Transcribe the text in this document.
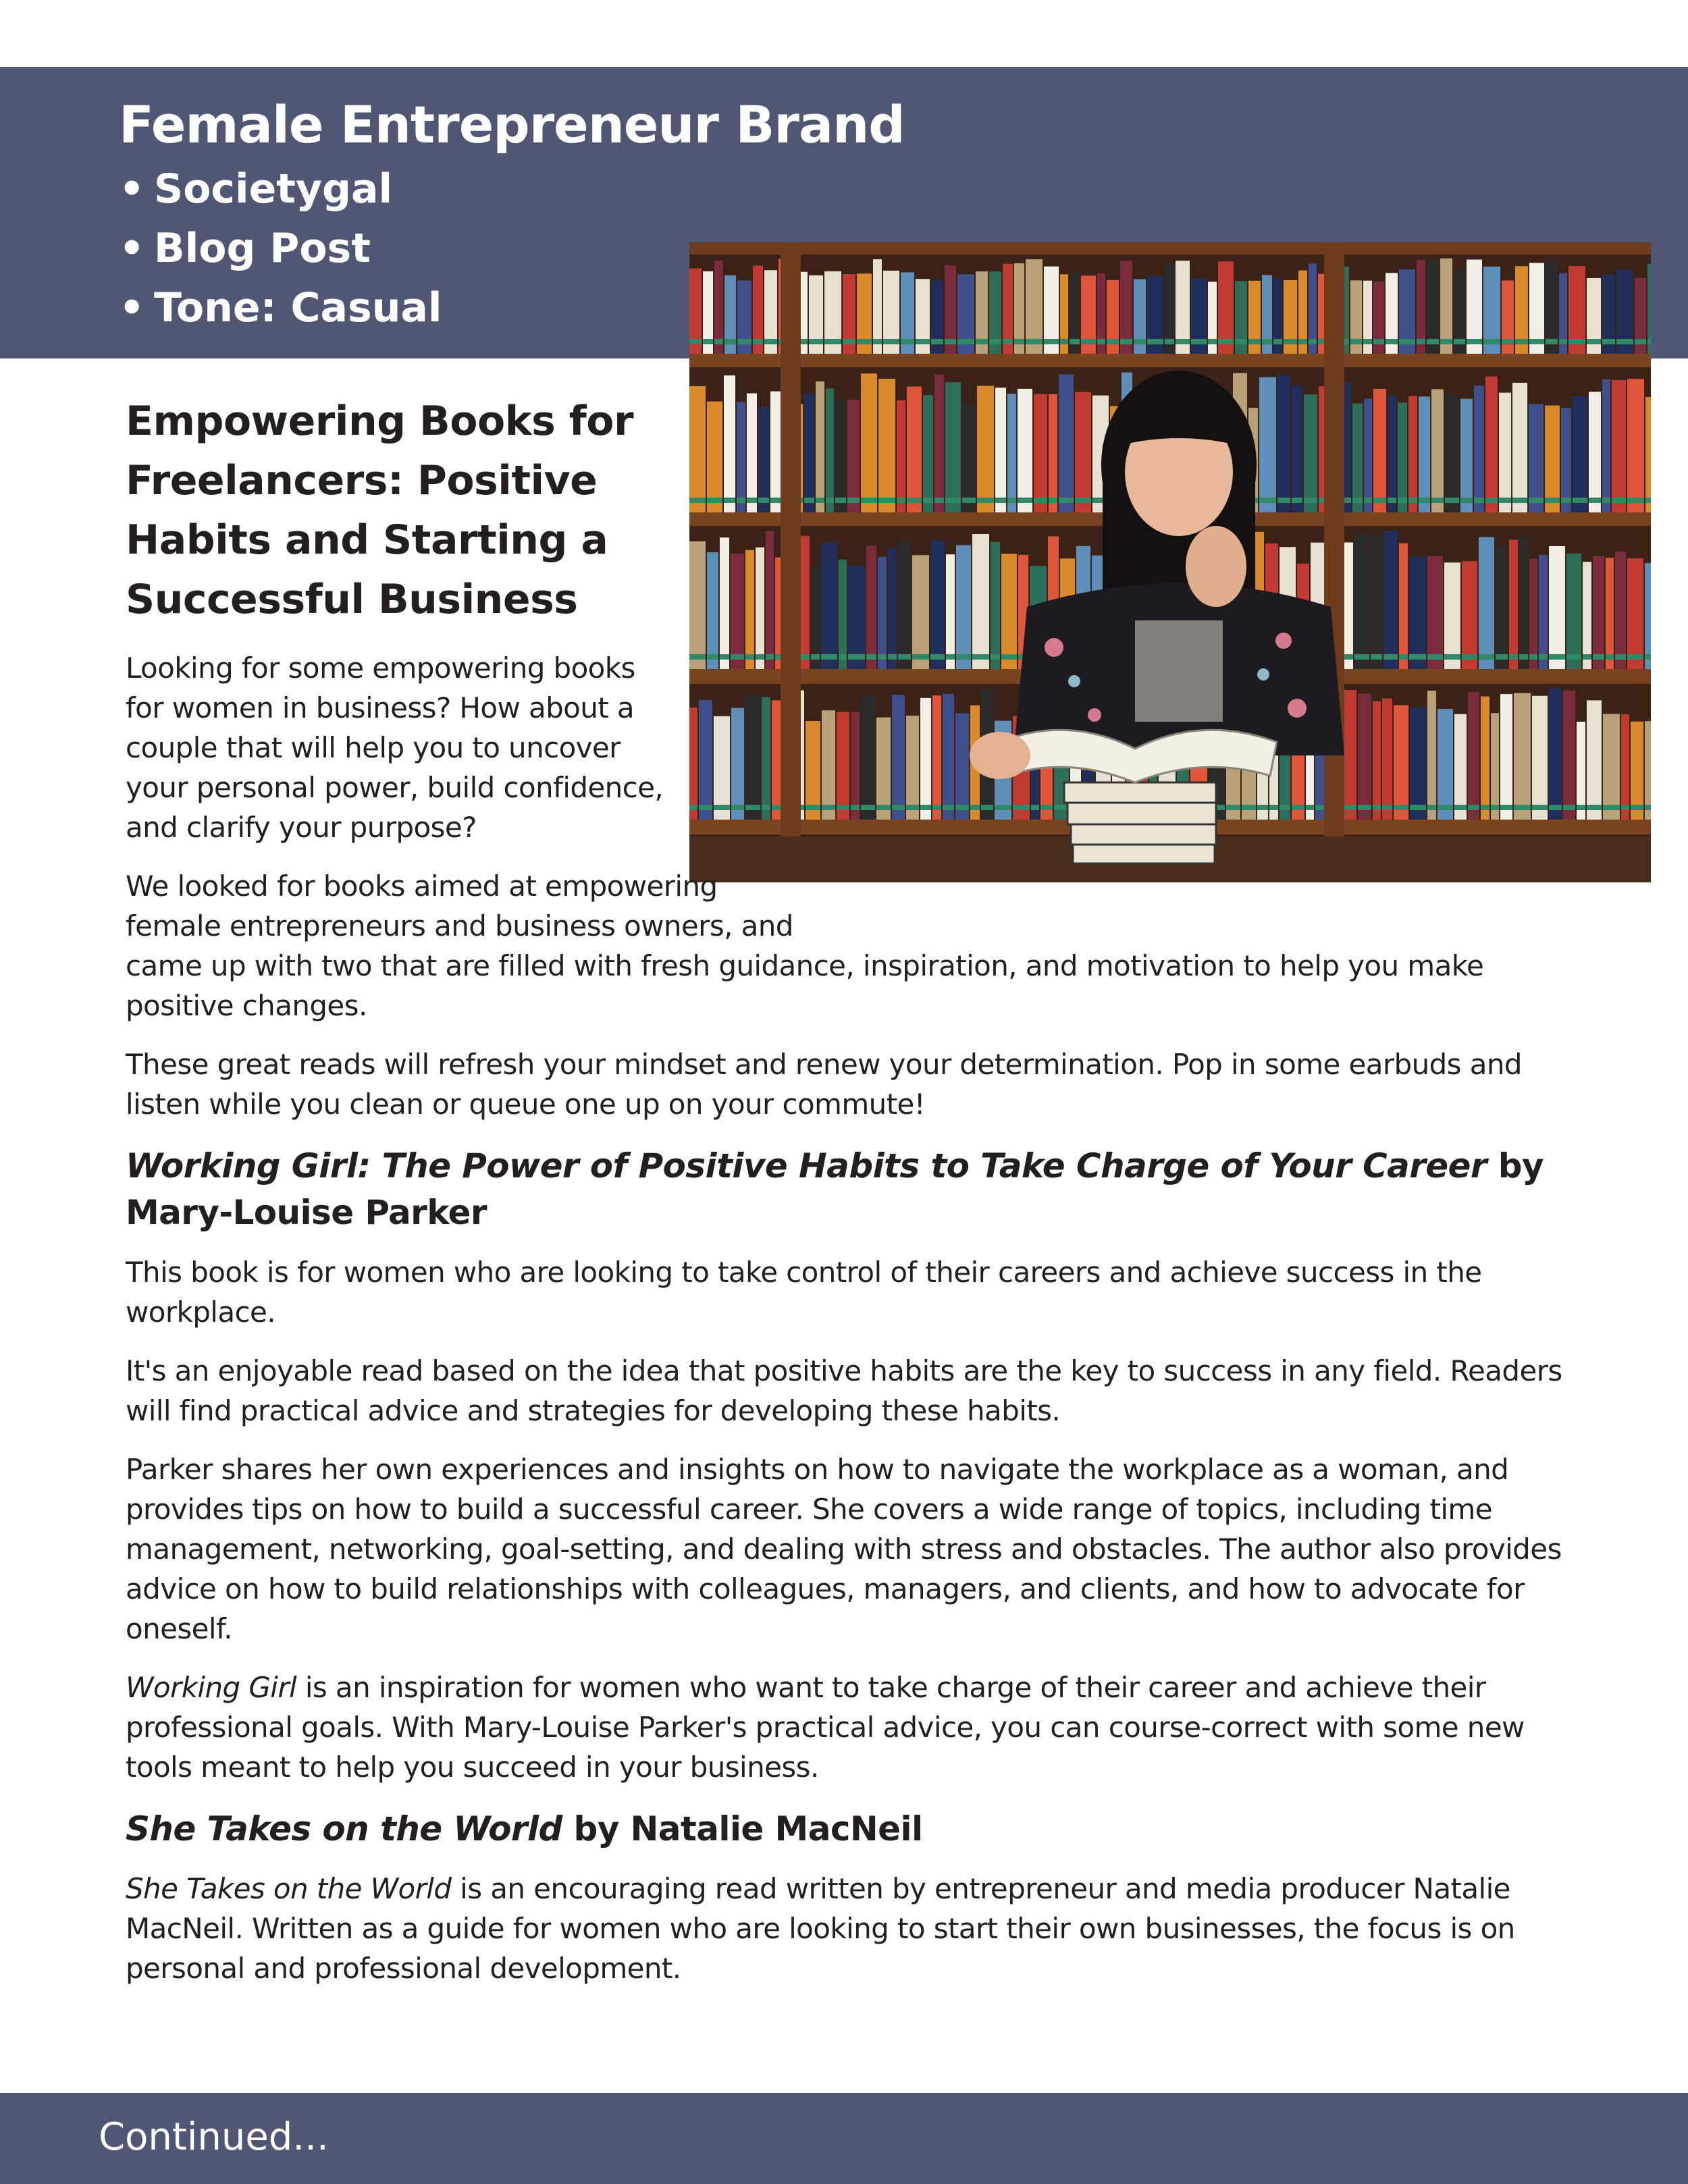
Female Entrepreneur Brand
• Societygal
• Blog Post
• Tone: Casual
Empowering Books for Freelancers: Positive Habits and Starting a Successful Business

Looking for some empowering books for women in business? How about a couple that will help you to uncover your personal power, build confidence, and clarify your purpose?

We looked for books aimed at empowering female entrepreneurs and business owners, and came up with two that are filled with fresh guidance, inspiration, and motivation to help you make positive changes.

These great reads will refresh your mindset and renew your determination. Pop in some earbuds and listen while you clean or queue one up on your commute!

Working Girl: The Power of Positive Habits to Take Charge of Your Career by Mary-Louise Parker

This book is for women who are looking to take control of their careers and achieve success in the workplace.

It's an enjoyable read based on the idea that positive habits are the key to success in any field. Readers will find practical advice and strategies for developing these habits.

Parker shares her own experiences and insights on how to navigate the workplace as a woman, and provides tips on how to build a successful career. She covers a wide range of topics, including time management, networking, goal-setting, and dealing with stress and obstacles. The author also provides advice on how to build relationships with colleagues, managers, and clients, and how to advocate for oneself.

Working Girl is an inspiration for women who want to take charge of their career and achieve their professional goals. With Mary-Louise Parker's practical advice, you can course-correct with some new tools meant to help you succeed in your business.

She Takes on the World by Natalie MacNeil

She Takes on the World is an encouraging read written by entrepreneur and media producer Natalie MacNeil. Written as a guide for women who are looking to start their own businesses, the focus is on personal and professional development.

Continued...
